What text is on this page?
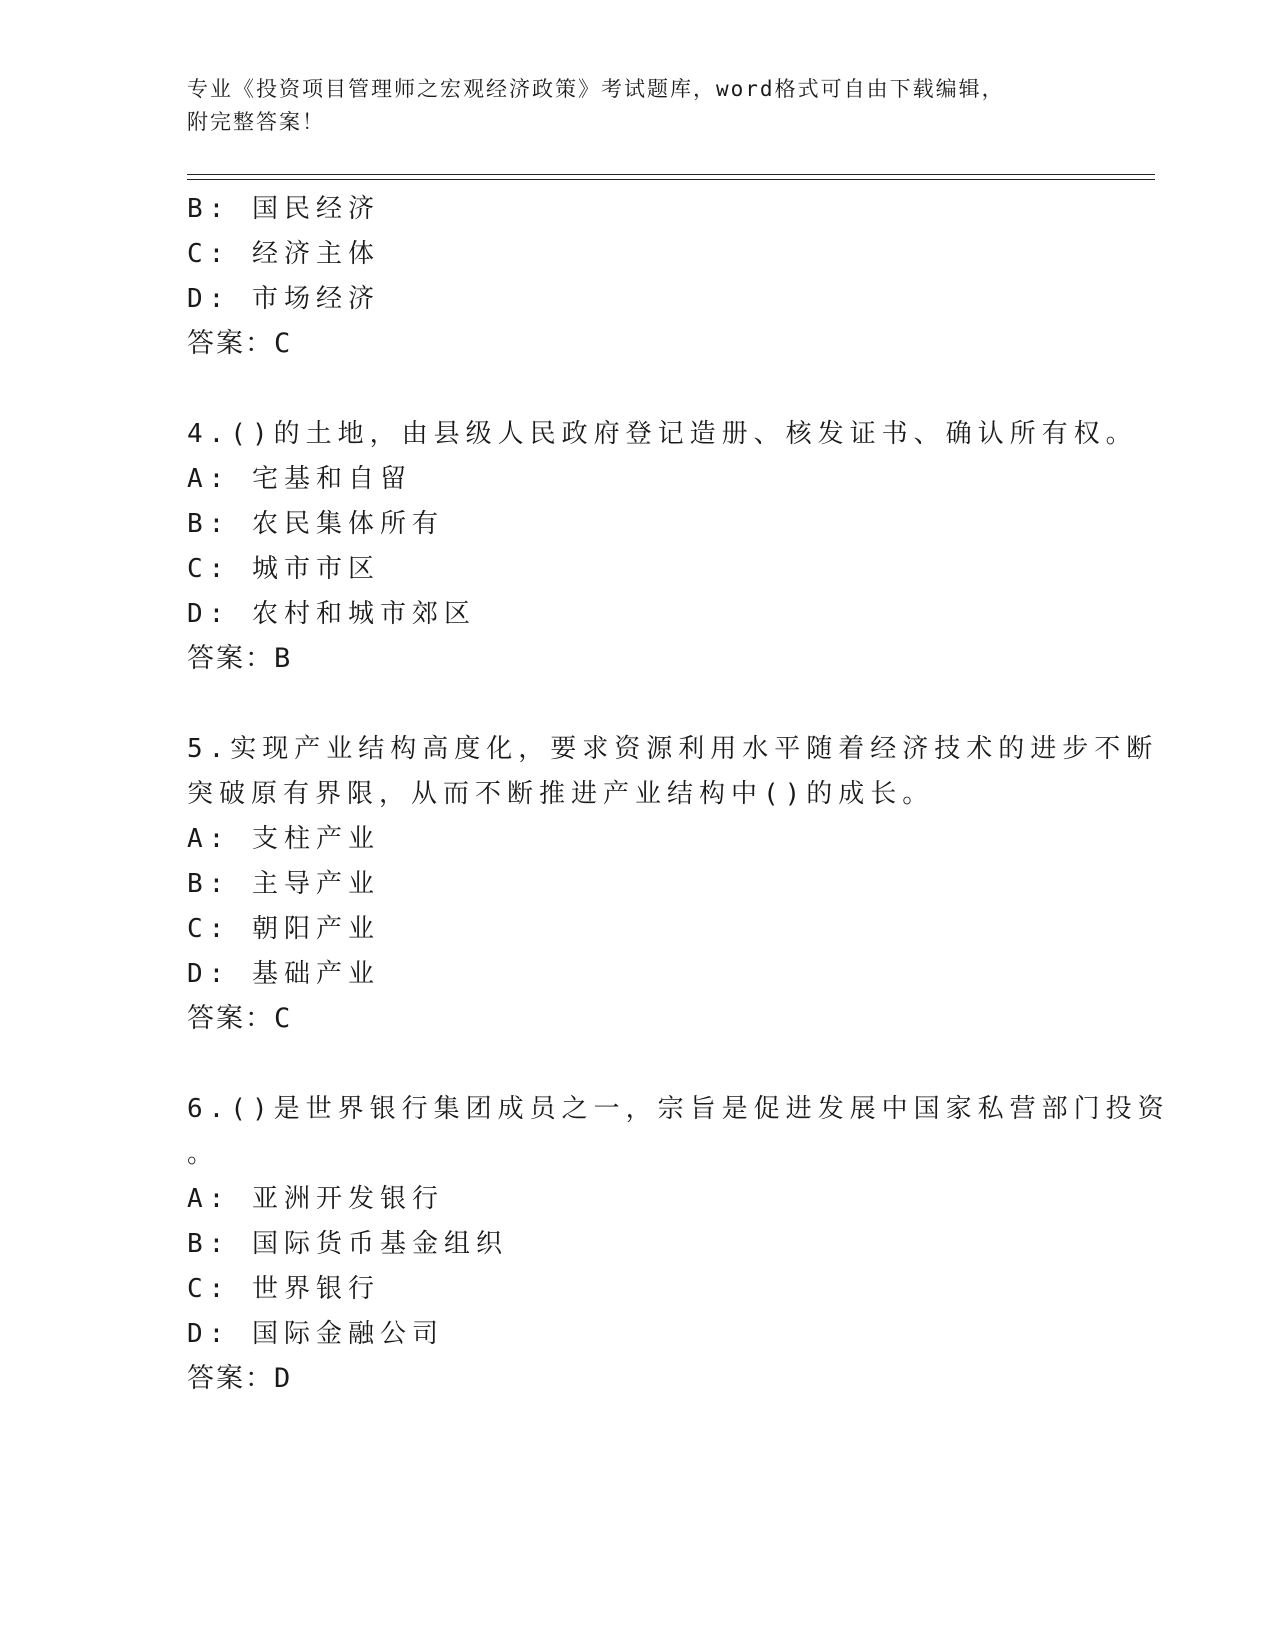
专业《投资项目管理师之宏观经济政策》考试题库，word格式可自由下载编辑，
附完整答案！
B: 国民经济
C: 经济主体
D: 市场经济
答案：C
4.()的土地，由县级人民政府登记造册、核发证书、确认所有权。
A: 宅基和自留
B: 农民集体所有
C: 城市市区
D: 农村和城市郊区
答案：B
5.实现产业结构高度化，要求资源利用水平随着经济技术的进步不断
突破原有界限，从而不断推进产业结构中()的成长。
A: 支柱产业
B: 主导产业
C: 朝阳产业
D: 基础产业
答案：C
6.()是世界银行集团成员之一，宗旨是促进发展中国家私营部门投资
。
A: 亚洲开发银行
B: 国际货币基金组织
C: 世界银行
D: 国际金融公司
答案：D
